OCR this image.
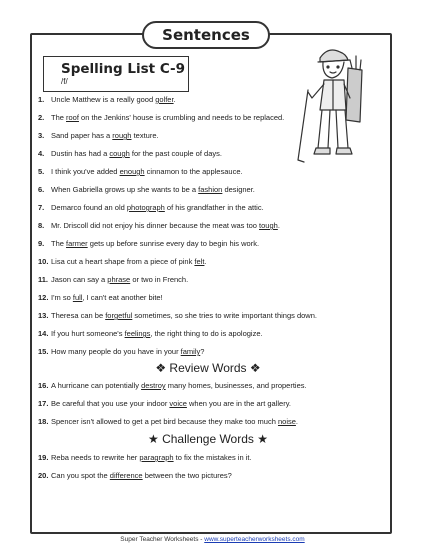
Sentences
Spelling List C-9
/f/
1. Uncle Matthew is a really good golfer.
2. The roof on the Jenkins' house is crumbling and needs to be replaced.
3. Sand paper has a rough texture.
4. Dustin has had a cough for the past couple of days.
5. I think you've added enough cinnamon to the applesauce.
6. When Gabriella grows up she wants to be a fashion designer.
7. Demarco found an old photograph of his grandfather in the attic.
8. Mr. Driscoll did not enjoy his dinner because the meat was too tough.
9. The farmer gets up before sunrise every day to begin his work.
10. Lisa cut a heart shape from a piece of pink felt.
11. Jason can say a phrase or two in French.
12. I'm so full, I can't eat another bite!
13. Theresa can be forgetful sometimes, so she tries to write important things down.
14. If you hurt someone's feelings, the right thing to do is apologize.
15. How many people do you have in your family?
❖ Review Words ❖
16. A hurricane can potentially destroy many homes, businesses, and properties.
17. Be careful that you use your indoor voice when you are in the art gallery.
18. Spencer isn't allowed to get a pet bird because they make too much noise.
★ Challenge Words ★
19. Reba needs to rewrite her paragraph to fix the mistakes in it.
20. Can you spot the difference between the two pictures?
Super Teacher Worksheets - www.superteacherworksheets.com
